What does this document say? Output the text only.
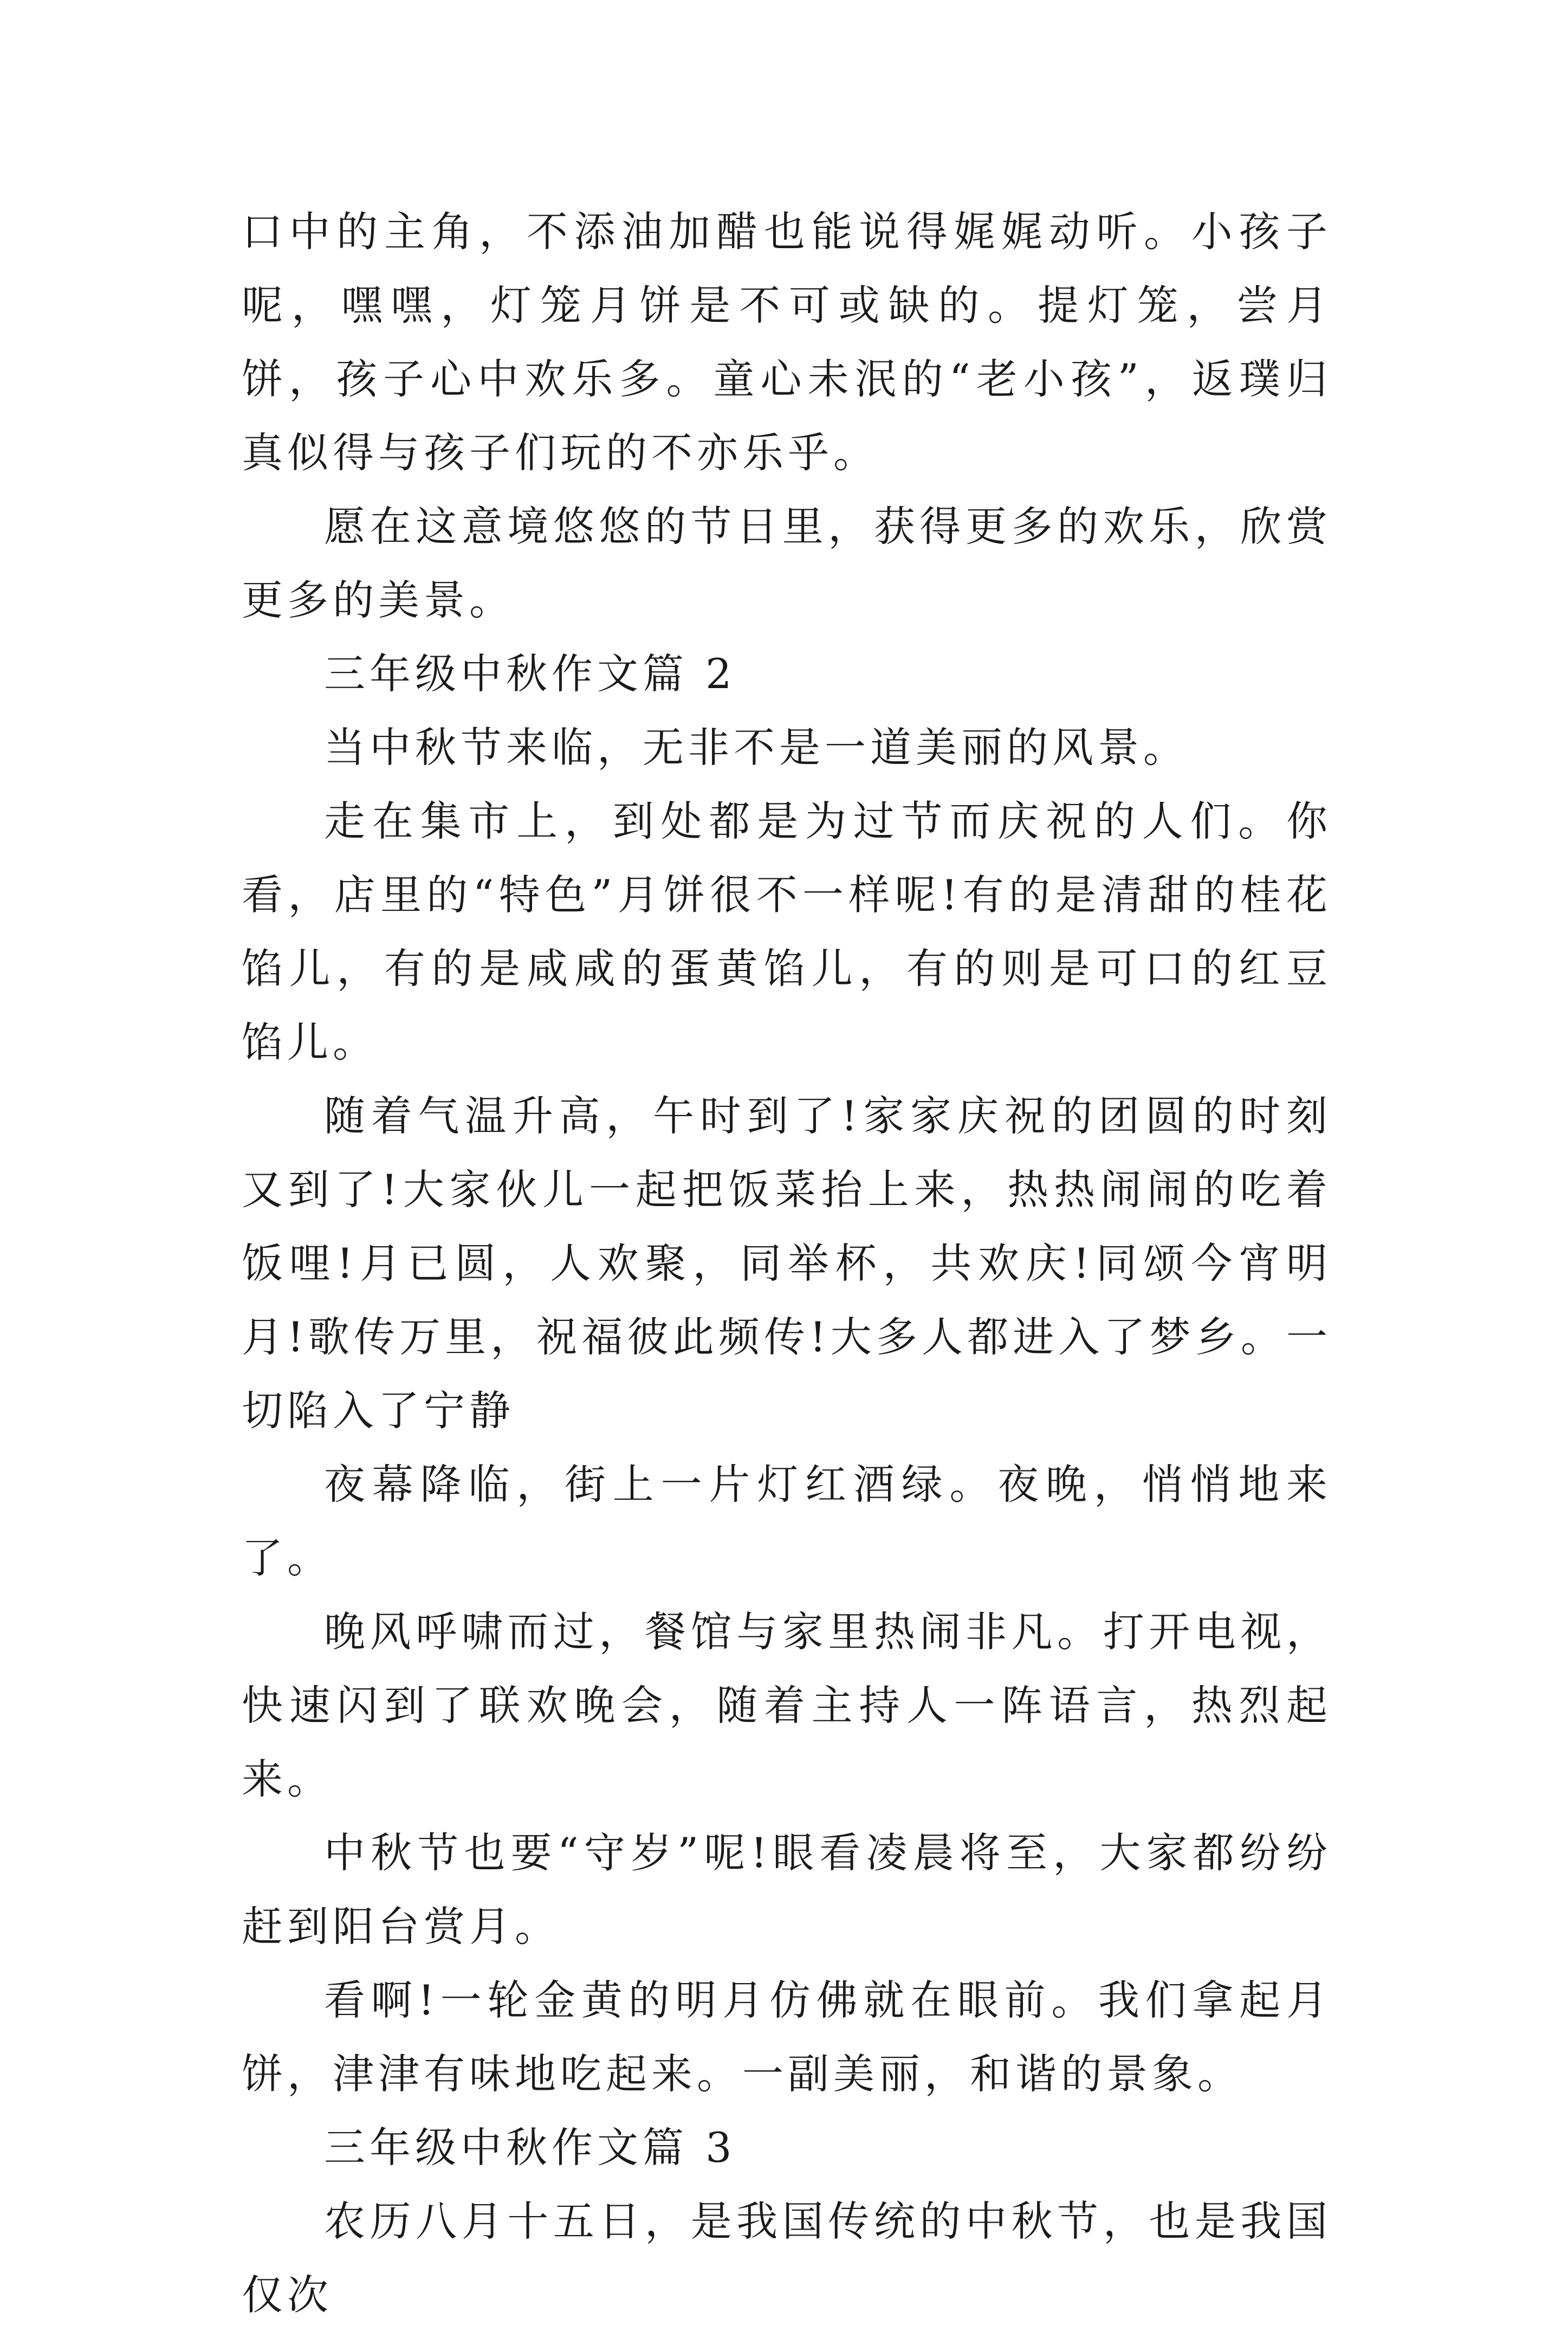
口中的主角，不添油加醋也能说得娓娓动听。小孩子呢，嘿嘿，灯笼月饼是不可或缺的。提灯笼，尝月饼，孩子心中欢乐多。童心未泯的“老小孩”，返璞归真似得与孩子们玩的不亦乐乎。

愿在这意境悠悠的节日里，获得更多的欢乐，欣赏更多的美景。

三年级中秋作文篇 2

当中秋节来临，无非不是一道美丽的风景。

走在集市上，到处都是为过节而庆祝的人们。你看，店里的“特色”月饼很不一样呢!有的是清甜的桂花馅儿，有的是咸咸的蛋黄馅儿，有的则是可口的红豆馅儿。

随着气温升高，午时到了!家家庆祝的团圆的时刻又到了!大家伙儿一起把饭菜抬上来，热热闹闹的吃着饭哩!月已圆，人欢聚，同举杯，共欢庆!同颂今宵明月!歌传万里，祝福彼此频传!大多人都进入了梦乡。一切陷入了宁静

夜幕降临，街上一片灯红酒绿。夜晚，悄悄地来了。

晚风呼啸而过，餐馆与家里热闹非凡。打开电视，快速闪到了联欢晚会，随着主持人一阵语言，热烈起来。

中秋节也要“守岁”呢!眼看凌晨将至，大家都纷纷赶到阳台赏月。

看啊!一轮金黄的明月仿佛就在眼前。我们拿起月饼，津津有味地吃起来。一副美丽，和谐的景象。

三年级中秋作文篇 3

农历八月十五日，是我国传统的中秋节，也是我国仅次
